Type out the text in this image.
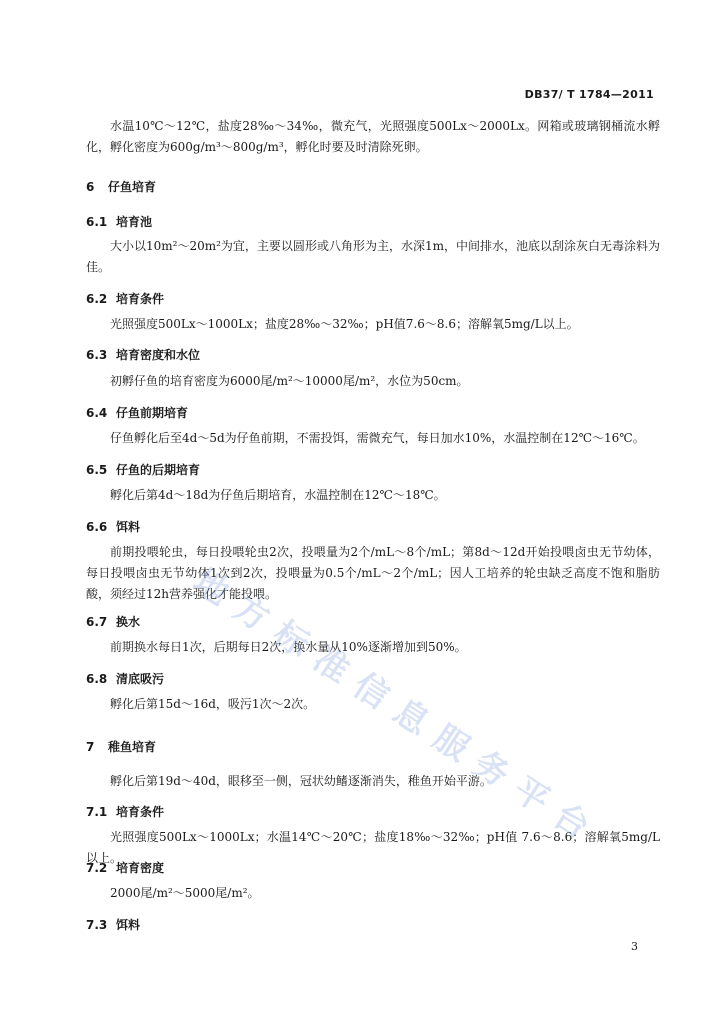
DB37/ T 1784—2011

水温10℃～12℃，盐度28‰～34‰，微充气，光照强度500Lx～2000Lx。网箱或玻璃钢桶流水孵化，孵化密度为600g/m³～800g/m³，孵化时要及时清除死卵。

6 仔鱼培育
6.1 培育池

大小以10m²～20m²为宜，主要以圆形或八角形为主，水深1m，中间排水，池底以刮涂灰白无毒涂料为佳。

6.2 培育条件

光照强度500Lx～1000Lx；盐度28‰～32‰；pH值7.6～8.6；溶解氧5mg/L以上。

6.3 培育密度和水位

初孵仔鱼的培育密度为6000尾/m²～10000尾/m²，水位为50cm。

6.4 仔鱼前期培育

仔鱼孵化后至4d～5d为仔鱼前期，不需投饵，需微充气，每日加水10%，水温控制在12℃～16℃。

6.5 仔鱼的后期培育

孵化后第4d～18d为仔鱼后期培育，水温控制在12℃～18℃。

6.6 饵料

前期投喂轮虫，每日投喂轮虫2次，投喂量为2个/mL～8个/mL；第8d～12d开始投喂卤虫无节幼体，每日投喂卤虫无节幼体1次到2次，投喂量为0.5个/mL～2个/mL；因人工培养的轮虫缺乏高度不饱和脂肪酸，须经过12h营养强化才能投喂。

6.7 换水

前期换水每日1次，后期每日2次，换水量从10%逐渐增加到50%。

6.8 清底吸污

孵化后第15d～16d，吸污1次～2次。

7 稚鱼培育

孵化后第19d～40d，眼移至一侧，冠状幼鳍逐渐消失，稚鱼开始平游。

7.1 培育条件

光照强度500Lx～1000Lx；水温14℃～20℃；盐度18‰～32‰；pH值 7.6～8.6；溶解氧5mg/L以上。

7.2 培育密度

2000尾/m²～5000尾/m²。

7.3 饵料
3
地
方
标
准
信
息
服
务
平
台
